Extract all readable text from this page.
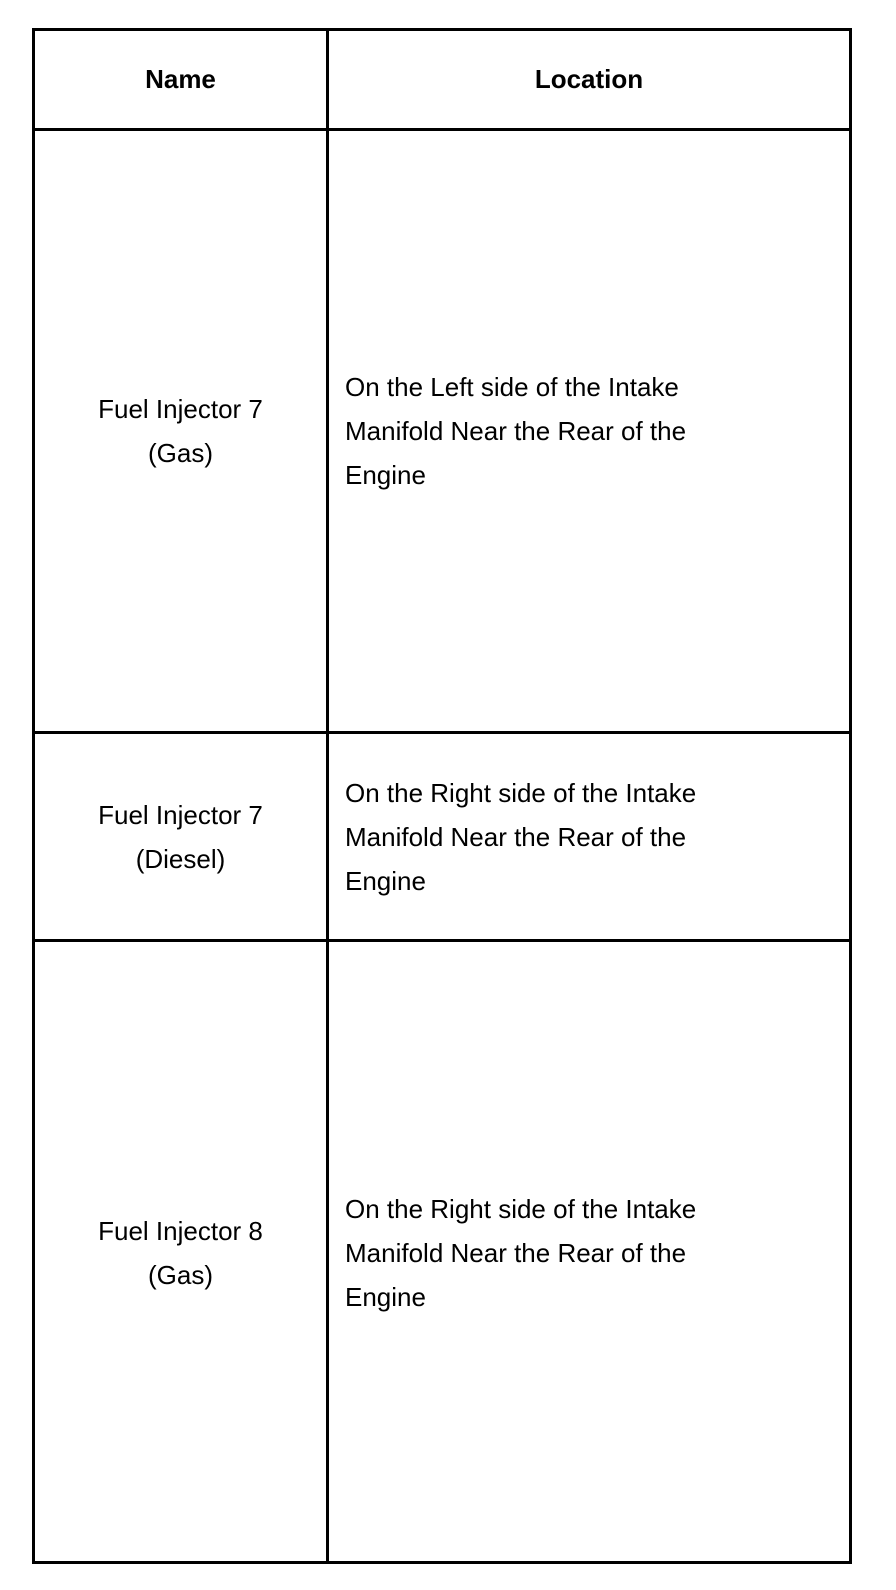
Name	Location
Fuel Injector 7
(Gas)
On the Left side of the Intake Manifold Near the Rear of the Engine
Fuel Injector 7
(Diesel)
On the Right side of the Intake Manifold Near the Rear of the Engine
Fuel Injector 8
(Gas)
On the Right side of the Intake Manifold Near the Rear of the Engine
